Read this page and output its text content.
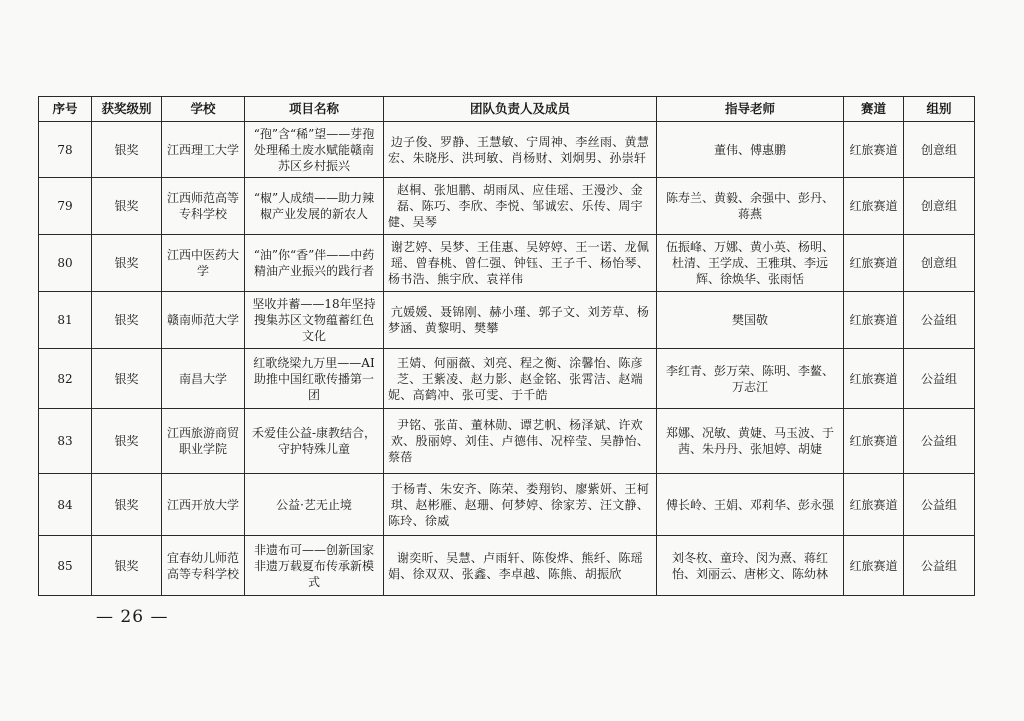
序号	获奖级别	学校	项目名称	团队负责人及成员	指导老师	赛道	组别
78	银奖	江西理工大学	“孢”含“稀”望——芽孢处理稀土废水赋能赣南苏区乡村振兴	边子俊、罗静、王慧敏、宁周神、李丝雨、黄慧宏、朱晓彤、洪珂敏、肖杨财、刘炯男、孙崇轩	董伟、傅惠鹏	红旅赛道	创意组
79	银奖	江西师范高等专科学校	“椒”人成绩——助力辣椒产业发展的新农人	赵桐、张旭鹏、胡雨凤、应佳瑶、王漫沙、金磊、陈巧、李欣、李悦、邹诚宏、乐传、周宇健、吴琴	陈寿兰、黄毅、余强中、彭丹、蒋燕	红旅赛道	创意组
80	银奖	江西中医药大学	“油”你“香”伴——中药精油产业振兴的践行者	谢艺婷、吴梦、王佳惠、吴婷婷、王一诺、龙佩瑶、曾春桃、曾仁强、钟钰、王子千、杨怡琴、杨书浩、熊宇欣、袁祥伟	伍振峰、万娜、黄小英、杨明、杜清、王学成、王雅琪、李远辉、徐焕华、张雨恬	红旅赛道	创意组
81	银奖	赣南师范大学	坚收并蓄——18年坚持搜集苏区文物蕴蓄红色文化	亢媛媛、聂锦刚、赫小瑾、郭子文、刘芳草、杨梦涵、黄黎明、樊攀	樊国敬	红旅赛道	公益组
82	银奖	南昌大学	红歌绕梁九万里——AI助推中国红歌传播第一团	王婧、何丽薇、刘亮、程之衡、涂馨怡、陈彦芝、王紫凌、赵力影、赵金铭、张霄洁、赵端妮、高鹤冲、张可雯、于千皓	李红青、彭万荣、陈明、李鳌、万志江	红旅赛道	公益组
83	银奖	江西旅游商贸职业学院	禾爱佳公益-康教结合，守护特殊儿童	尹铭、张苗、董林勋、谭艺帆、杨泽斌、许欢欢、殷丽婷、刘佳、卢德伟、况梓莹、吴静怡、蔡蓓	郑娜、况敏、黄婕、马玉波、于茜、朱丹丹、张旭婷、胡婕	红旅赛道	公益组
84	银奖	江西开放大学	公益·艺无止境	于杨青、朱安齐、陈荣、娄翔钧、廖紫妍、王柯琪、赵彬雁、赵珊、何梦婷、徐家芳、汪文静、陈玲、徐威	傅长岭、王娟、邓莉华、彭永强	红旅赛道	公益组
85	银奖	宜春幼儿师范高等专科学校	非遗布可——创新国家非遗万载夏布传承新模式	谢奕昕、吴慧、卢雨轩、陈俊烨、熊纤、陈瑶娟、徐双双、张鑫、李卓越、陈熊、胡振欣	刘冬枚、童玲、闵为熹、蒋红怡、刘丽云、唐彬文、陈幼林	红旅赛道	公益组
— 26 —
